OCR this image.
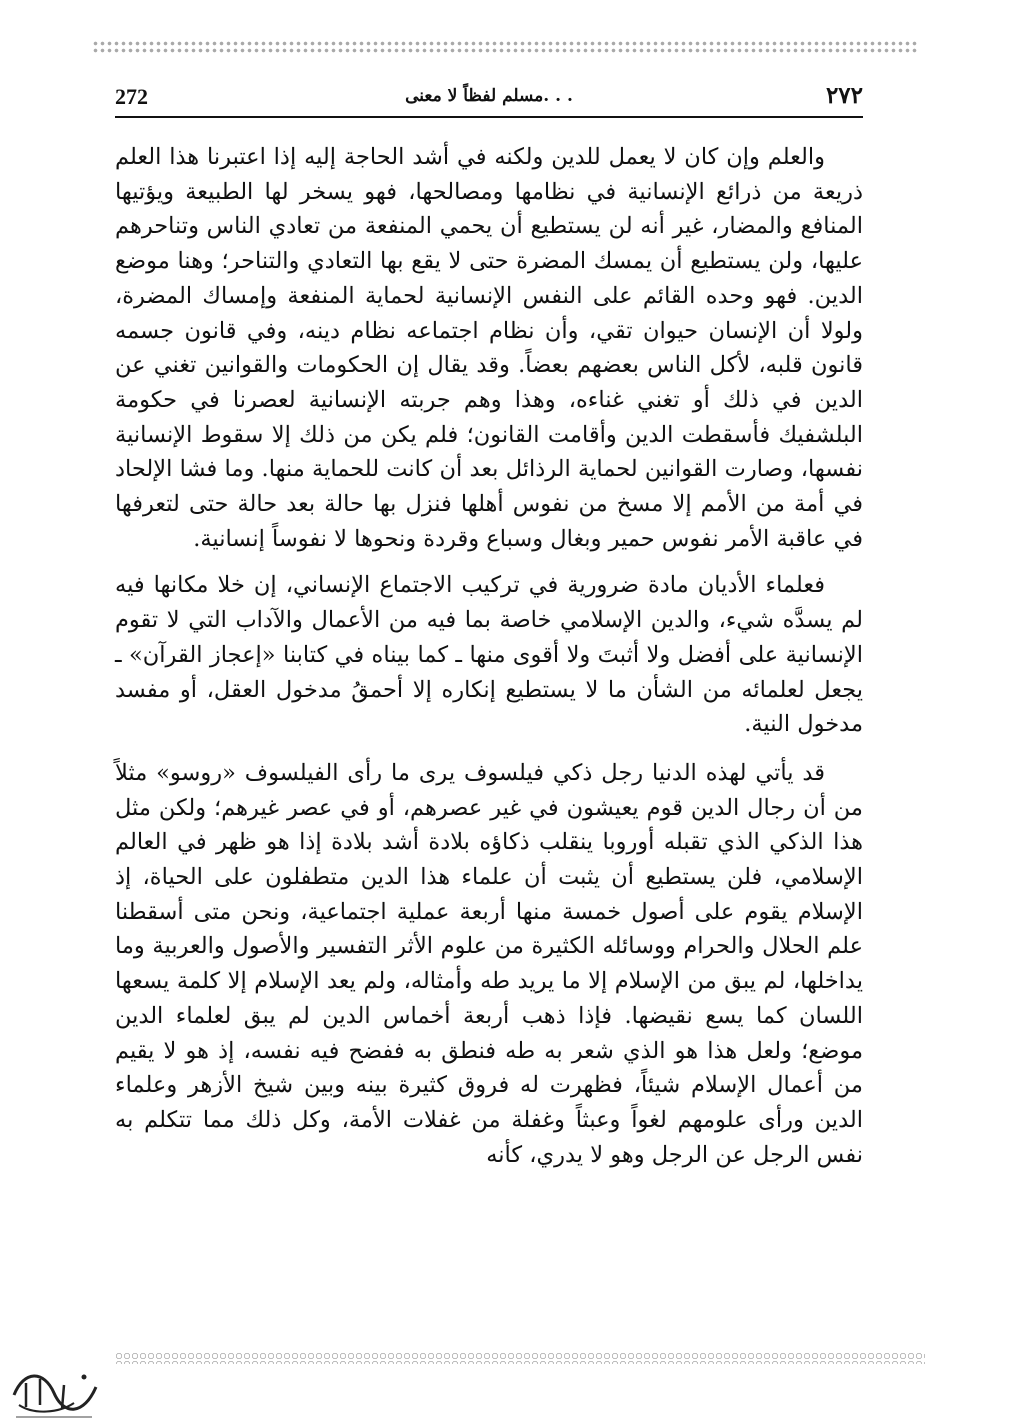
272	مسلم لفظاً لا معنى. . .	٢٧٢

والعلم وإن كان لا يعمل للدين ولكنه في أشد الحاجة إليه إذا اعتبرنا هذا العلم ذريعة من ذرائع الإنسانية في نظامها ومصالحها، فهو يسخر لها الطبيعة ويؤتيها المنافع والمضار، غير أنه لن يستطيع أن يحمي المنفعة من تعادي الناس وتناحرهم عليها، ولن يستطيع أن يمسك المضرة حتى لا يقع بها التعادي والتناحر؛ وهنا موضع الدين. فهو وحده القائم على النفس الإنسانية لحماية المنفعة وإمساك المضرة، ولولا أن الإنسان حيوان تقي، وأن نظام اجتماعه نظام دينه، وفي قانون جسمه قانون قلبه، لأكل الناس بعضهم بعضاً. وقد يقال إن الحكومات والقوانين تغني عن الدين في ذلك أو تغني غناءه، وهذا وهم جربته الإنسانية لعصرنا في حكومة البلشفيك فأسقطت الدين وأقامت القانون؛ فلم يكن من ذلك إلا سقوط الإنسانية نفسها، وصارت القوانين لحماية الرذائل بعد أن كانت للحماية منها. وما فشا الإلحاد في أمة من الأمم إلا مسخ من نفوس أهلها فنزل بها حالة بعد حالة حتى لتعرفها في عاقبة الأمر نفوس حمير وبغال وسباع وقردة ونحوها لا نفوساً إنسانية.

فعلماء الأديان مادة ضرورية في تركيب الاجتماع الإنساني، إن خلا مكانها فيه لم يسدَّه شيء، والدين الإسلامي خاصة بما فيه من الأعمال والآداب التي لا تقوم الإنسانية على أفضل ولا أثبتَ ولا أقوى منها ـ كما بيناه في كتابنا «إعجاز القرآن» ـ يجعل لعلمائه من الشأن ما لا يستطيع إنكاره إلا أحمقُ مدخول العقل، أو مفسد مدخول النية.

قد يأتي لهذه الدنيا رجل ذكي فيلسوف يرى ما رأى الفيلسوف «روسو» مثلاً من أن رجال الدين قوم يعيشون في غير عصرهم، أو في عصر غيرهم؛ ولكن مثل هذا الذكي الذي تقبله أوروبا ينقلب ذكاؤه بلادة أشد بلادة إذا هو ظهر في العالم الإسلامي، فلن يستطيع أن يثبت أن علماء هذا الدين متطفلون على الحياة، إذ الإسلام يقوم على أصول خمسة منها أربعة عملية اجتماعية، ونحن متى أسقطنا علم الحلال والحرام ووسائله الكثيرة من علوم الأثر التفسير والأصول والعربية وما يداخلها، لم يبق من الإسلام إلا ما يريد طه وأمثاله، ولم يعد الإسلام إلا كلمة يسعها اللسان كما يسع نقيضها. فإذا ذهب أربعة أخماس الدين لم يبق لعلماء الدين موضع؛ ولعل هذا هو الذي شعر به طه فنطق به ففضح فيه نفسه، إذ هو لا يقيم من أعمال الإسلام شيئاً، فظهرت له فروق كثيرة بينه وبين شيخ الأزهر وعلماء الدين ورأى علومهم لغواً وعبثاً وغفلة من غفلات الأمة، وكل ذلك مما تتكلم به نفس الرجل عن الرجل وهو لا يدري، كأنه
